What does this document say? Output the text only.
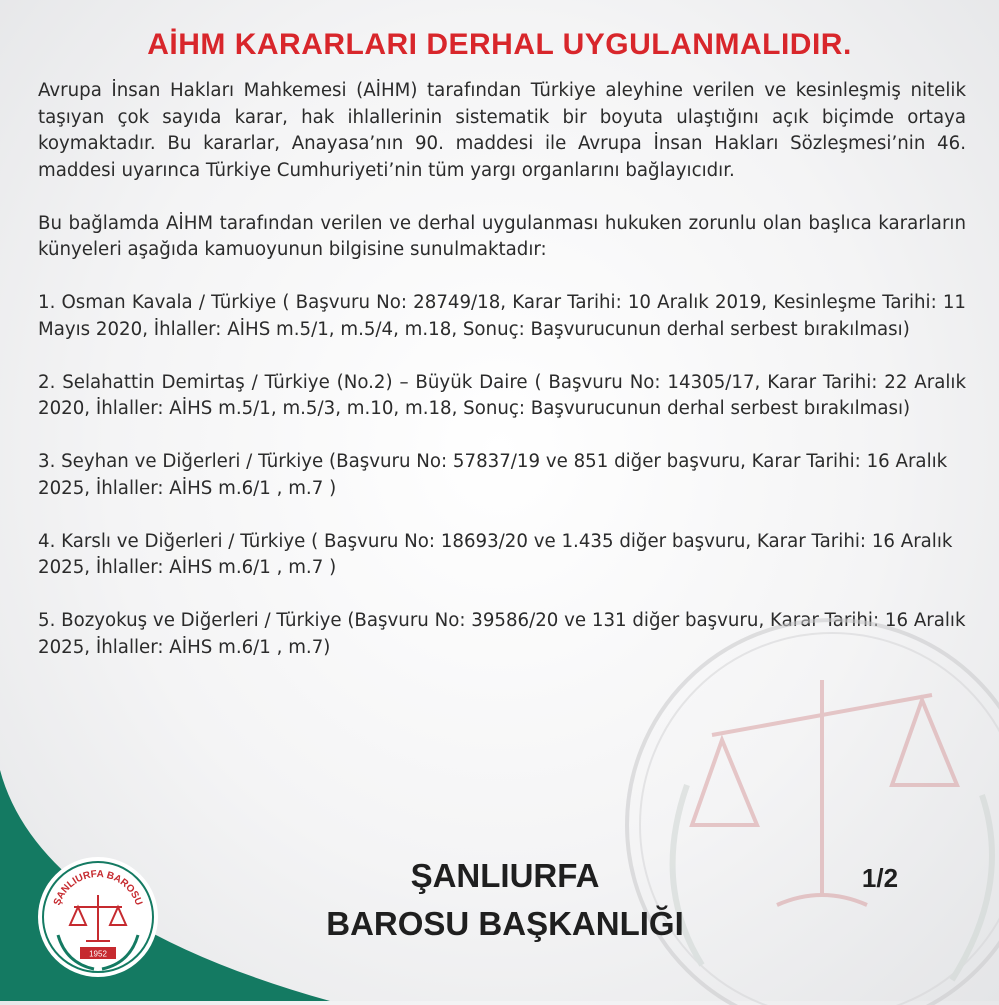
AİHM KARARLARI DERHAL UYGULANMALIDIR.

Avrupa İnsan Hakları Mahkemesi (AİHM) tarafından Türkiye aleyhine verilen ve kesinleşmiş nitelik taşıyan çok sayıda karar, hak ihlallerinin sistematik bir boyuta ulaştığını açık biçimde ortaya koymaktadır. Bu kararlar, Anayasa’nın 90. maddesi ile Avrupa İnsan Hakları Sözleşmesi’nin 46. maddesi uyarınca Türkiye Cumhuriyeti’nin tüm yargı organlarını bağlayıcıdır.

Bu bağlamda AİHM tarafından verilen ve derhal uygulanması hukuken zorunlu olan başlıca kararların künyeleri aşağıda kamuoyunun bilgisine sunulmaktadır:

1. Osman Kavala / Türkiye ( Başvuru No: 28749/18, Karar Tarihi: 10 Aralık 2019, Kesinleşme Tarihi: 11 Mayıs 2020, İhlaller: AİHS m.5/1, m.5/4, m.18, Sonuç: Başvurucunun derhal serbest bırakılması)

2. Selahattin Demirtaş / Türkiye (No.2) – Büyük Daire ( Başvuru No: 14305/17, Karar Tarihi: 22 Aralık 2020, İhlaller: AİHS m.5/1, m.5/3, m.10, m.18, Sonuç: Başvurucunun derhal serbest bırakılması)

3. Seyhan ve Diğerleri / Türkiye (Başvuru No: 57837/19 ve 851 diğer başvuru, Karar Tarihi: 16 Aralık 2025, İhlaller: AİHS m.6/1 , m.7 )

4. Karslı ve Diğerleri / Türkiye ( Başvuru No: 18693/20 ve 1.435 diğer başvuru, Karar Tarihi: 16 Aralık 2025, İhlaller: AİHS m.6/1 , m.7 )

5. Bozyokuş ve Diğerleri / Türkiye (Başvuru No: 39586/20 ve 131 diğer başvuru, Karar Tarihi: 16 Aralık 2025, İhlaller: AİHS m.6/1 , m.7)

ŞANLIURFA BAROSU
1952
ŞANLIURFA
BAROSU BAŞKANLIĞI
1/2
